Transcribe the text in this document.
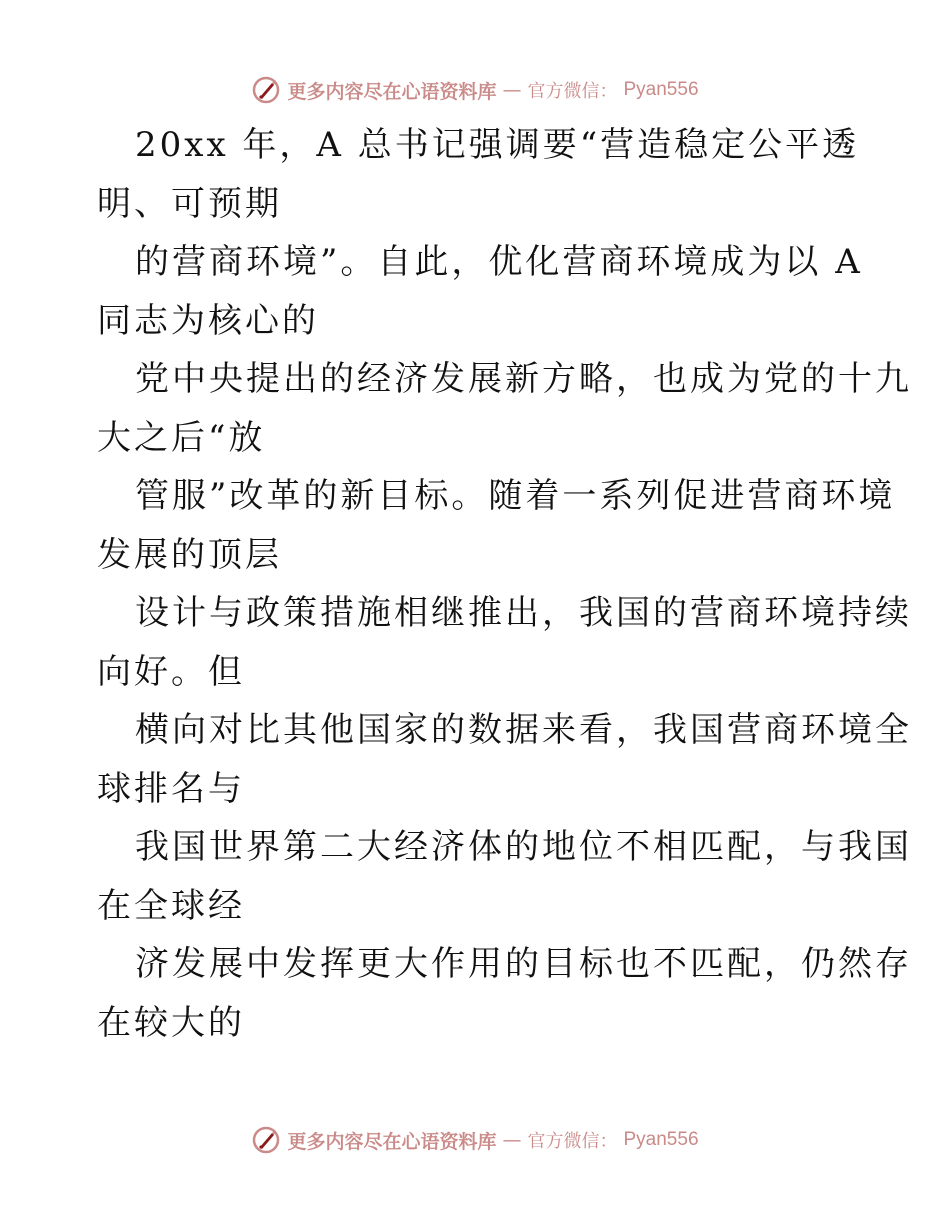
更多内容尽在心语资料库 — 官方微信： Pyan556
20xx 年，A 总书记强调要“营造稳定公平透
明、可预期
的营商环境”。自此，优化营商环境成为以 A
同志为核心的
党中央提出的经济发展新方略，也成为党的十九
大之后“放
管服”改革的新目标。随着一系列促进营商环境
发展的顶层
设计与政策措施相继推出，我国的营商环境持续
向好。但
横向对比其他国家的数据来看，我国营商环境全
球排名与
我国世界第二大经济体的地位不相匹配，与我国
在全球经
济发展中发挥更大作用的目标也不匹配，仍然存
在较大的
更多内容尽在心语资料库 — 官方微信： Pyan556
